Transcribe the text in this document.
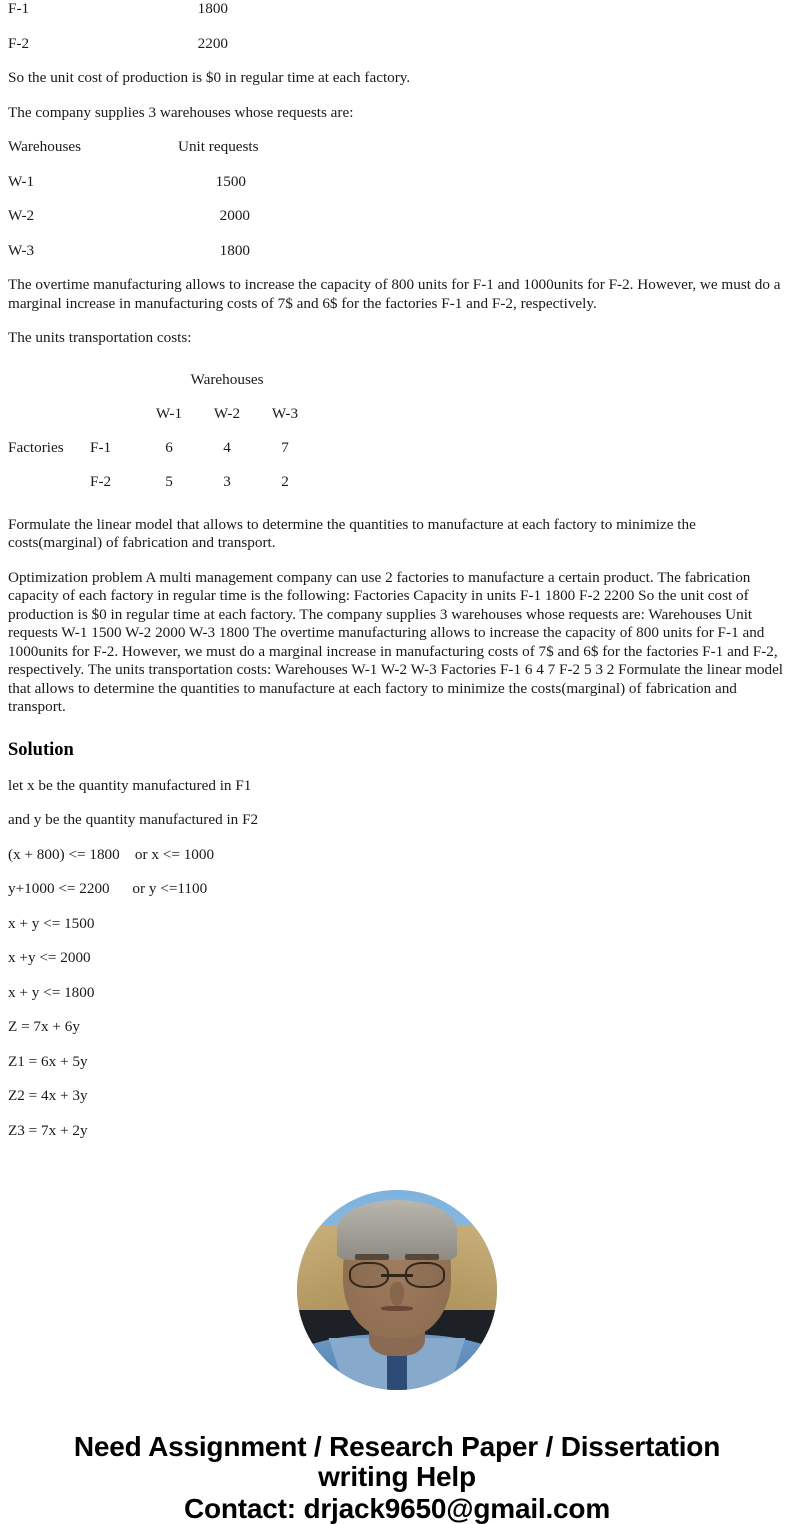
F-1	1800
F-2	2200

So the unit cost of production is $0 in regular time at each factory.

The company supplies 3 warehouses whose requests are:

Warehouses	Unit requests
W-1	1500
W-2	2000
W-3	1800

The overtime manufacturing allows to increase the capacity of 800 units for F-1 and 1000units for F-2. However, we must do a marginal increase in manufacturing costs of 7$ and 6$ for the factories F-1 and F-2, respectively.

The units transportation costs:

		Warehouses		
		W-1	W-2	W-3
Factories	F-1	6	4	7
	F-2	5	3	2

Formulate the linear model that allows to determine the quantities to manufacture at each factory to minimize the costs(marginal) of fabrication and transport.

Optimization problem A multi management company can use 2 factories to manufacture a certain product. The fabrication capacity of each factory in regular time is the following: Factories Capacity in units F-1 1800 F-2 2200 So the unit cost of production is $0 in regular time at each factory. The company supplies 3 warehouses whose requests are: Warehouses Unit requests W-1 1500 W-2 2000 W-3 1800 The overtime manufacturing allows to increase the capacity of 800 units for F-1 and 1000units for F-2. However, we must do a marginal increase in manufacturing costs of 7$ and 6$ for the factories F-1 and F-2, respectively. The units transportation costs: Warehouses W-1 W-2 W-3 Factories F-1 6 4 7 F-2 5 3 2 Formulate the linear model that allows to determine the quantities to manufacture at each factory to minimize the costs(marginal) of fabrication and transport.

Solution
let x be the quantity manufactured in F1
and y be the quantity manufactured in F2
(x + 800) <= 1800    or x <= 1000
y+1000 <= 2200      or y <=1100
x + y <= 1500
x +y <= 2000
x + y <= 1800
Z = 7x + 6y
Z1 = 6x + 5y
Z2 = 4x + 3y
Z3 = 7x + 2y
Need Assignment / Research Paper / Dissertation
writing Help
Contact: drjack9650@gmail.com
